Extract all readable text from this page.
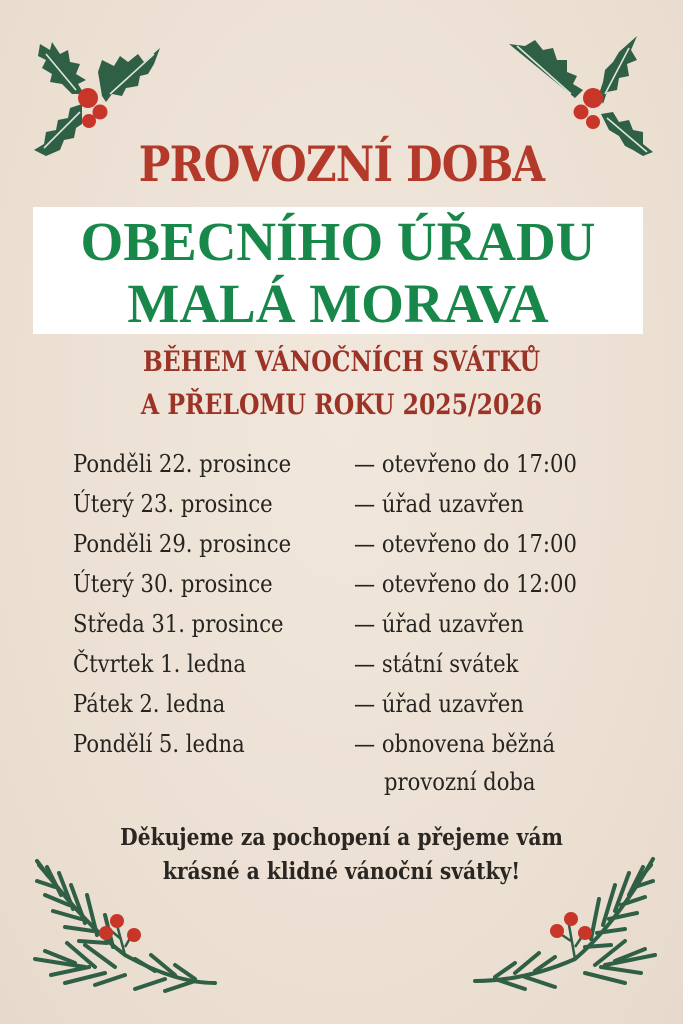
PROVOZNÍ DOBA
OBECNÍHO ÚŘADU
MALÁ MORAVA
BĚHEM VÁNOČNÍCH SVÁTKŮ
A PŘELOMU ROKU 2025/2026
Ponděli 22. prosince	— otevřeno do 17:00
Úterý 23. prosince	— úřad uzavřen
Ponděli 29. prosince	— otevřeno do 17:00
Úterý 30. prosince	— otevřeno do 12:00
Středa 31. prosince	— úřad uzavřen
Čtvrtek 1. ledna	— státní svátek
Pátek 2. ledna	— úřad uzavřen
Pondělí 5. ledna	— obnovena běžná
provozní doba
Děkujeme za pochopení a přejeme vám
krásné a klidné vánoční svátky!
